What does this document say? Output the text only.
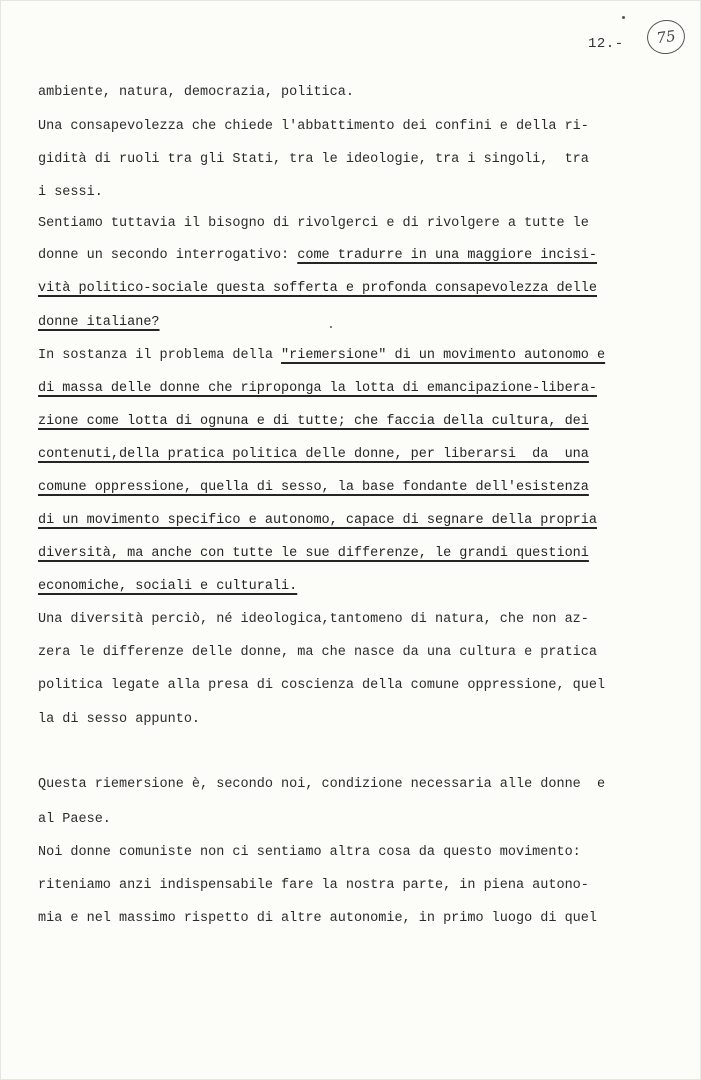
12.-	75
ambiente, natura, democrazia, politica.
Una consapevolezza che chiede l'abbattimento dei confini e della ri-
gidità di ruoli tra gli Stati, tra le ideologie, tra i singoli,  tra
i sessi.
Sentiamo tuttavia il bisogno di rivolgerci e di rivolgere a tutte le
donne un secondo interrogativo: come tradurre in una maggiore incisi-
vità politico-sociale questa sofferta e profonda consapevolezza delle
donne italiane?
In sostanza il problema della "riemersione" di un movimento autonomo e
di massa delle donne che riproponga la lotta di emancipazione-libera-
zione come lotta di ognuna e di tutte; che faccia della cultura, dei
contenuti,della pratica politica delle donne, per liberarsi  da  una
comune oppressione, quella di sesso, la base fondante dell'esistenza
di un movimento specifico e autonomo, capace di segnare della propria
diversità, ma anche con tutte le sue differenze, le grandi questioni
economiche, sociali e culturali.
Una diversità perciò, né ideologica,tantomeno di natura, che non az-
zera le differenze delle donne, ma che nasce da una cultura e pratica
politica legate alla presa di coscienza della comune oppressione, quel
la di sesso appunto.
Questa riemersione è, secondo noi, condizione necessaria alle donne  e
al Paese.
Noi donne comuniste non ci sentiamo altra cosa da questo movimento:
riteniamo anzi indispensabile fare la nostra parte, in piena autono-
mia e nel massimo rispetto di altre autonomie, in primo luogo di quel
